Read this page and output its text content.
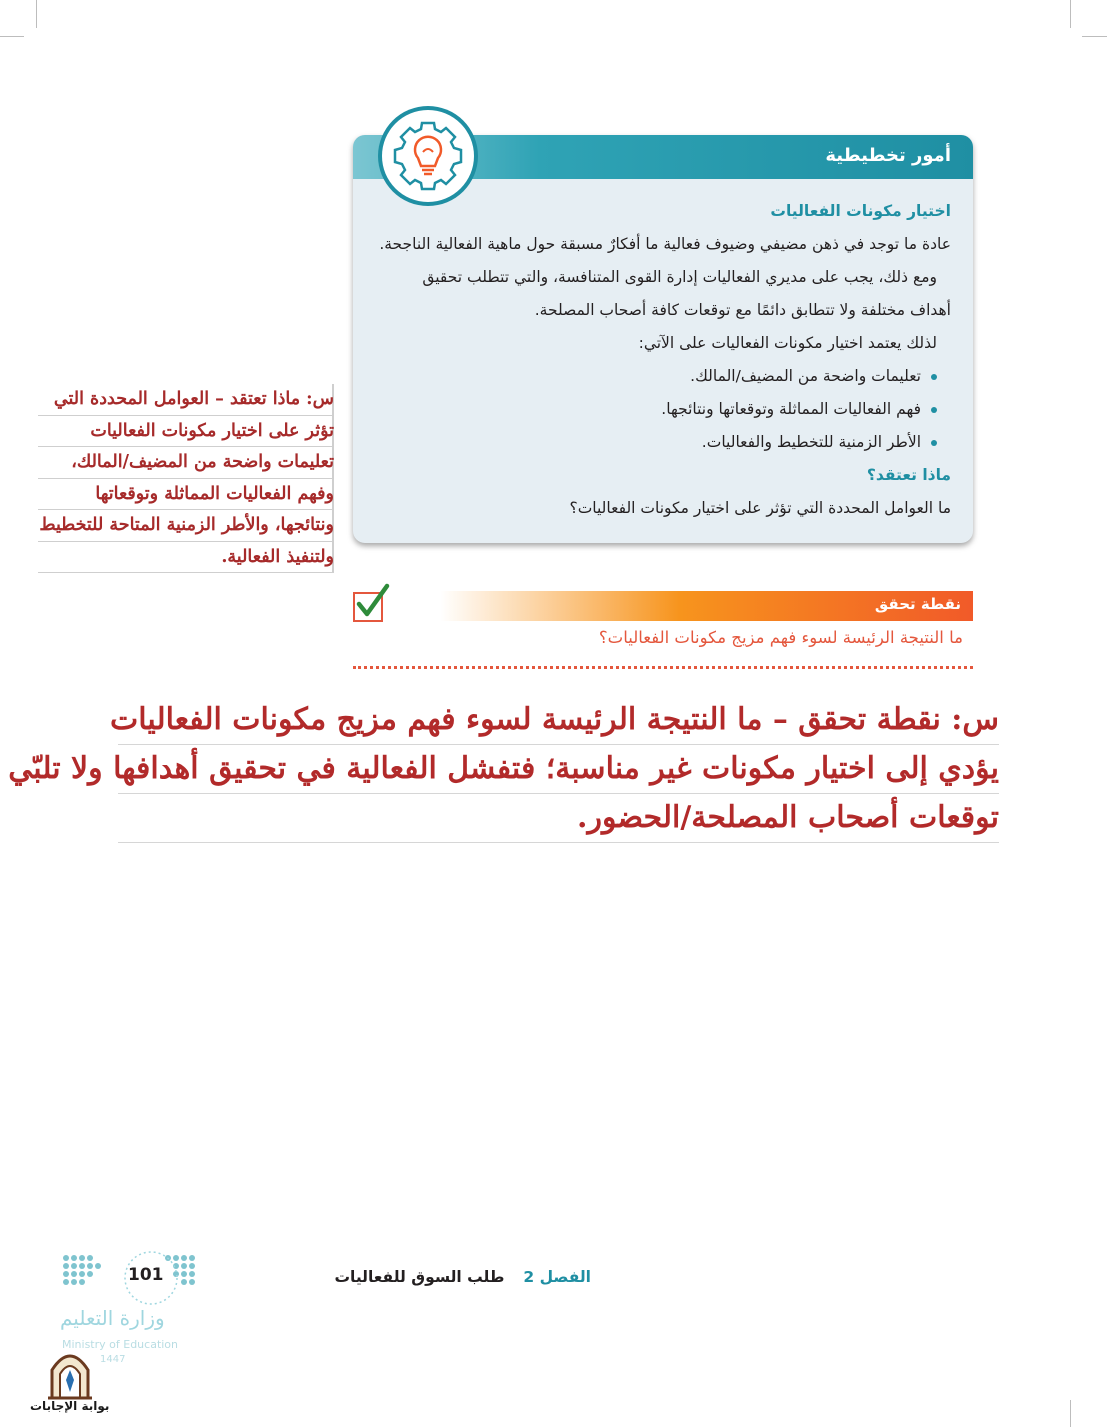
أمور تخطيطية
اختيار مكونات الفعاليات
عادة ما توجد في ذهن مضيفي وضيوف فعالية ما أفكارٌ مسبقة حول ماهية الفعالية الناجحة.
ومع ذلك، يجب على مديري الفعاليات إدارة القوى المتنافسة، والتي تتطلب تحقيق
أهداف مختلفة ولا تتطابق دائمًا مع توقعات كافة أصحاب المصلحة.
لذلك يعتمد اختيار مكونات الفعاليات على الآتي:
تعليمات واضحة من المضيف/المالك.
فهم الفعاليات المماثلة وتوقعاتها ونتائجها.
الأطر الزمنية للتخطيط والفعاليات.
ماذا تعتقد؟
ما العوامل المحددة التي تؤثر على اختيار مكونات الفعاليات؟
س: ماذا تعتقد – العوامل المحددة التي
تؤثر على اختيار مكونات الفعاليات
تعليمات واضحة من المضيف/المالك،
وفهم الفعاليات المماثلة وتوقعاتها
ونتائجها، والأطر الزمنية المتاحة للتخطيط
ولتنفيذ الفعالية.
نقطة تحقق
ما النتيجة الرئيسة لسوء فهم مزيج مكونات الفعاليات؟
س: نقطة تحقق – ما النتيجة الرئيسة لسوء فهم مزيج مكونات الفعاليات
يؤدي إلى اختيار مكونات غير مناسبة؛ فتفشل الفعالية في تحقيق أهدافها ولا تلبّي
توقعات أصحاب المصلحة/الحضور.
الفصل 2 طلب السوق للفعاليات
101
وزارة التعليم
Ministry of Education
1447
بوابة الإجابات
